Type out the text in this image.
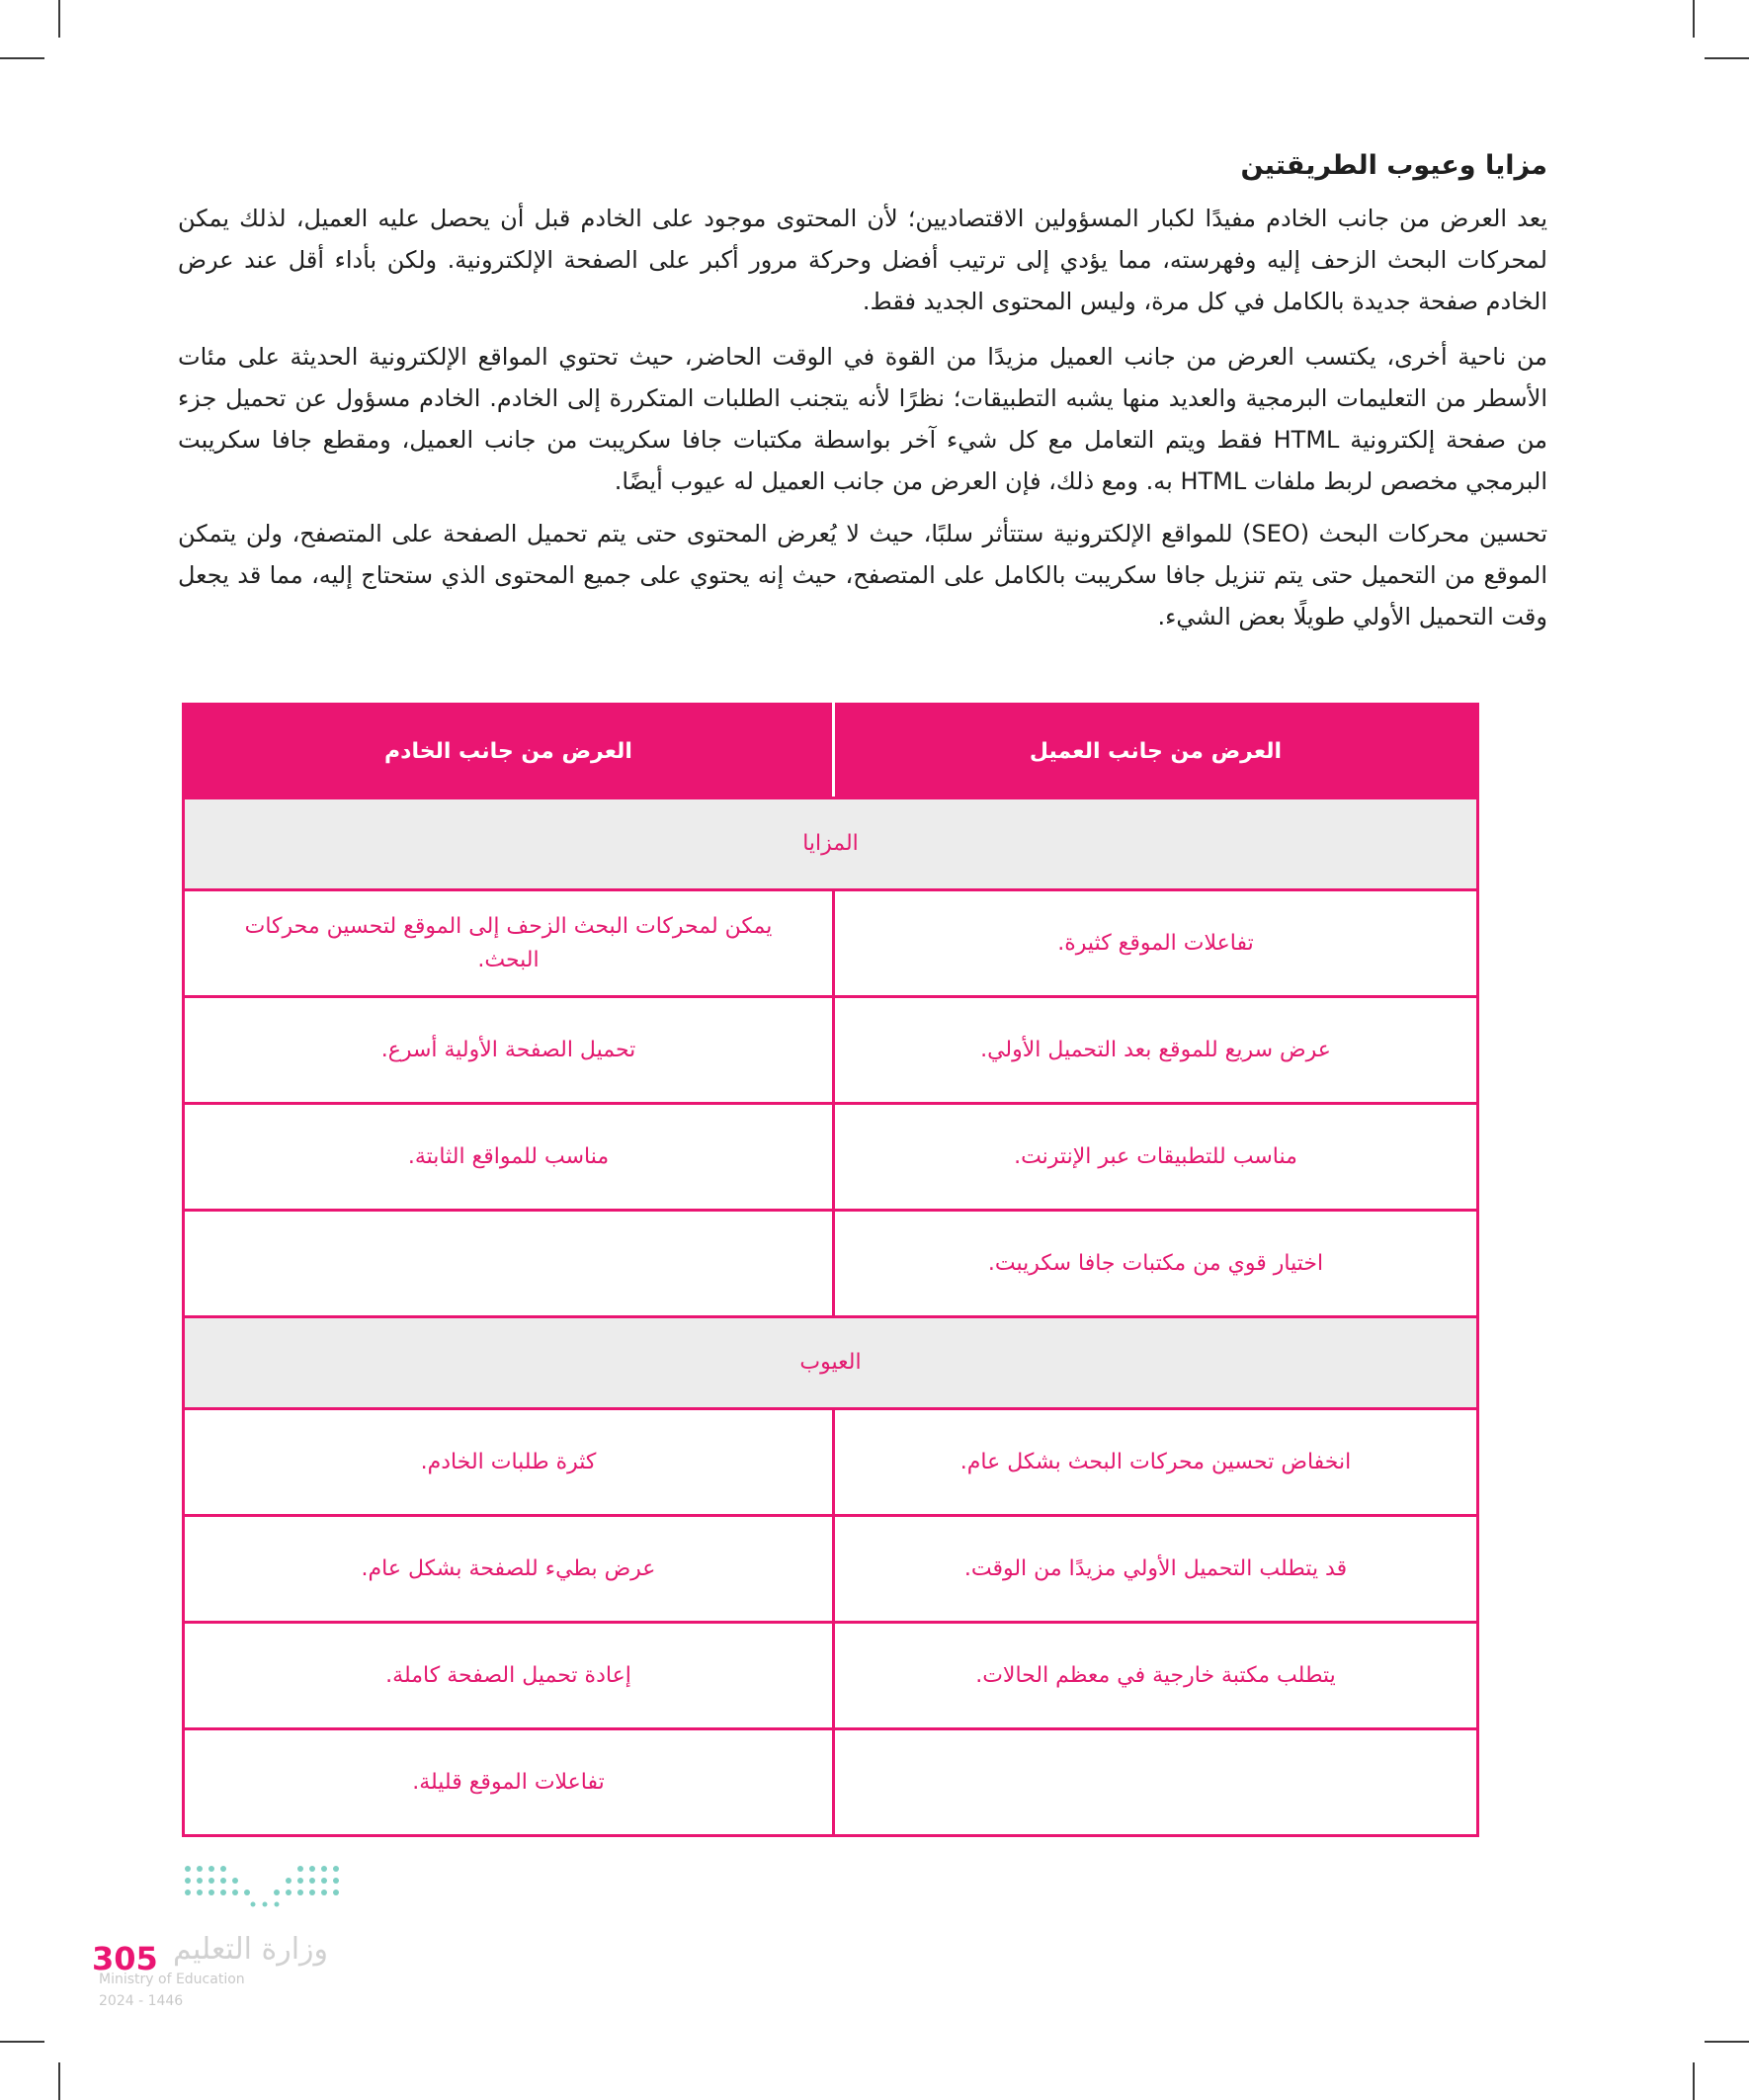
مزايا وعيوب الطريقتين

يعد العرض من جانب الخادم مفيدًا لكبار المسؤولين الاقتصاديين؛ لأن المحتوى موجود على الخادم قبل أن يحصل عليه العميل، لذلك يمكن لمحركات البحث الزحف إليه وفهرسته، مما يؤدي إلى ترتيب أفضل وحركة مرور أكبر على الصفحة الإلكترونية. ولكن بأداء أقل عند عرض الخادم صفحة جديدة بالكامل في كل مرة، وليس المحتوى الجديد فقط.

من ناحية أخرى، يكتسب العرض من جانب العميل مزيدًا من القوة في الوقت الحاضر، حيث تحتوي المواقع الإلكترونية الحديثة على مئات الأسطر من التعليمات البرمجية والعديد منها يشبه التطبيقات؛ نظرًا لأنه يتجنب الطلبات المتكررة إلى الخادم. الخادم مسؤول عن تحميل جزء من صفحة إلكترونية HTML فقط ويتم التعامل مع كل شيء آخر بواسطة مكتبات جافا سكريبت من جانب العميل، ومقطع جافا سكريبت البرمجي مخصص لربط ملفات HTML به. ومع ذلك، فإن العرض من جانب العميل له عيوب أيضًا.

تحسين محركات البحث (SEO) للمواقع الإلكترونية ستتأثر سلبًا، حيث لا يُعرض المحتوى حتى يتم تحميل الصفحة على المتصفح، ولن يتمكن الموقع من التحميل حتى يتم تنزيل جافا سكريبت بالكامل على المتصفح، حيث إنه يحتوي على جميع المحتوى الذي ستحتاج إليه، مما قد يجعل وقت التحميل الأولي طويلًا بعض الشيء.

العرض من جانب العميل	العرض من جانب الخادم
المزايا	
تفاعلات الموقع كثيرة.	يمكن لمحركات البحث الزحف إلى الموقع لتحسين محركات البحث.
عرض سريع للموقع بعد التحميل الأولي.	تحميل الصفحة الأولية أسرع.
مناسب للتطبيقات عبر الإنترنت.	مناسب للمواقع الثابتة.
اختيار قوي من مكتبات جافا سكريبت.	
العيوب	
انخفاض تحسين محركات البحث بشكل عام.	كثرة طلبات الخادم.
قد يتطلب التحميل الأولي مزيدًا من الوقت.	عرض بطيء للصفحة بشكل عام.
يتطلب مكتبة خارجية في معظم الحالات.	إعادة تحميل الصفحة كاملة.
	تفاعلات الموقع قليلة.
وزارة التعليم
Ministry of Education
2024 - 1446
305
